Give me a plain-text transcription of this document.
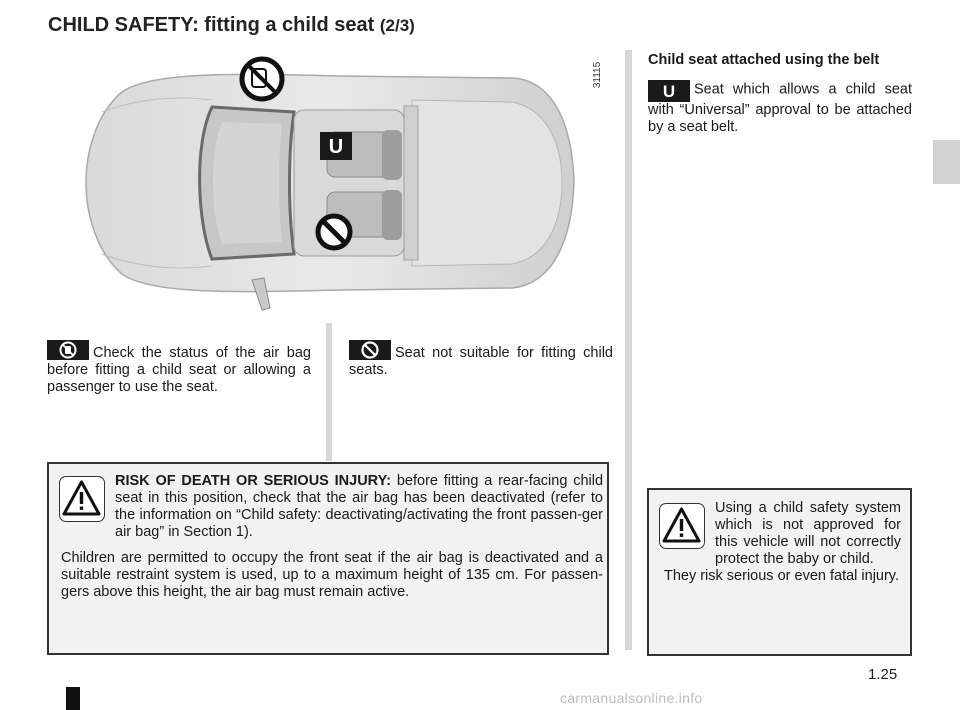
CHILD SAFETY: fitting a child seat (2/3)
U
31115
Check the status of the air bag before fitting a child seat or allowing a passenger to use the seat.
Seat not suitable for fitting child seats.
Child seat attached using the belt
U Seat which allows a child seat with “Universal” approval to be attached by a seat belt.
RISK OF DEATH OR SERIOUS INJURY: before fitting a rear-facing child seat in this position, check that the air bag has been deactivated (refer to the information on “Child safety: deactivating/activating the front passen-ger air bag” in Section 1).
Children are permitted to occupy the front seat if the air bag is deactivated and a suitable restraint system is used, up to a maximum height of 135 cm. For passen-gers above this height, the air bag must remain active.
Using a child safety system which is not approved for this vehicle will not correctly protect the baby or child.
They risk serious or even fatal injury.
1.25
carmanualsonline.info
